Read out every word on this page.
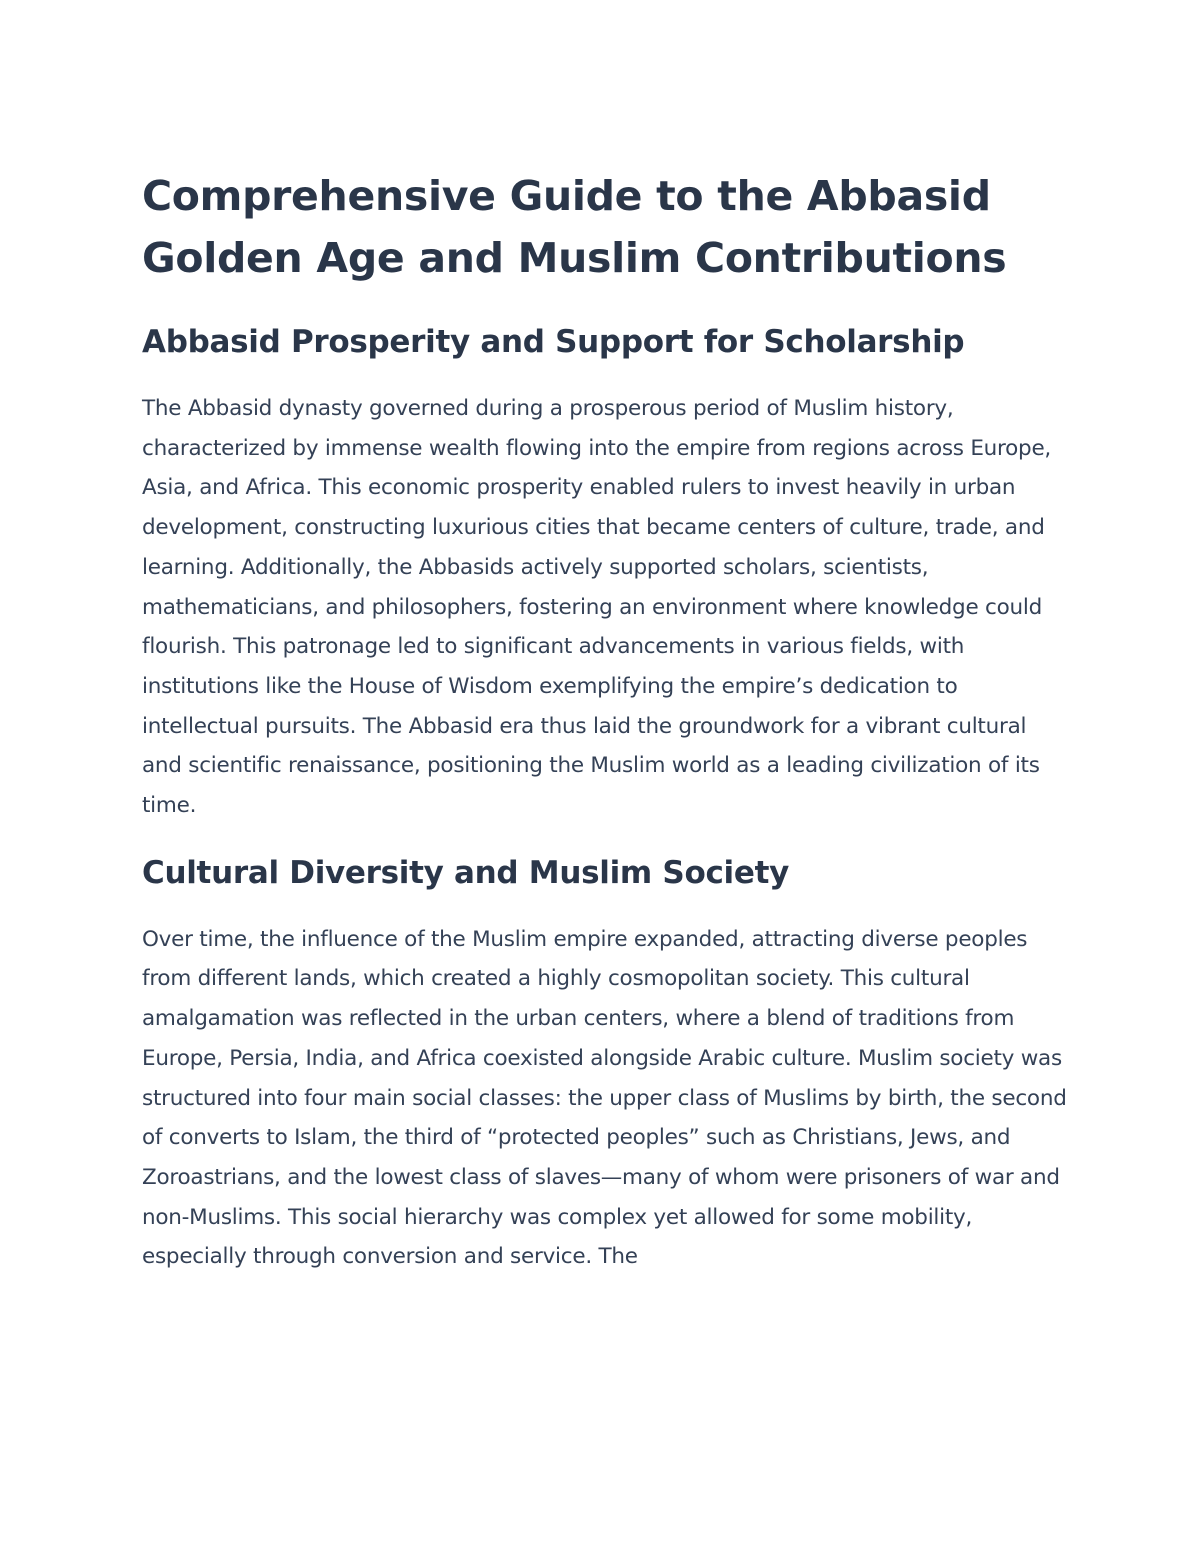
Comprehensive Guide to the Abbasid Golden Age and Muslim Contributions
Abbasid Prosperity and Support for Scholarship

The Abbasid dynasty governed during a prosperous period of Muslim history, characterized by immense wealth flowing into the empire from regions across Europe, Asia, and Africa. This economic prosperity enabled rulers to invest heavily in urban development, constructing luxurious cities that became centers of culture, trade, and learning. Additionally, the Abbasids actively supported scholars, scientists, mathematicians, and philosophers, fostering an environment where knowledge could flourish. This patronage led to significant advancements in various fields, with institutions like the House of Wisdom exemplifying the empire’s dedication to intellectual pursuits. The Abbasid era thus laid the groundwork for a vibrant cultural and scientific renaissance, positioning the Muslim world as a leading civilization of its time.

Cultural Diversity and Muslim Society

Over time, the influence of the Muslim empire expanded, attracting diverse peoples from different lands, which created a highly cosmopolitan society. This cultural amalgamation was reflected in the urban centers, where a blend of traditions from Europe, Persia, India, and Africa coexisted alongside Arabic culture. Muslim society was structured into four main social classes: the upper class of Muslims by birth, the second of converts to Islam, the third of “protected peoples” such as Christians, Jews, and Zoroastrians, and the lowest class of slaves—many of whom were prisoners of war and non-Muslims. This social hierarchy was complex yet allowed for some mobility, especially through conversion and service. The
